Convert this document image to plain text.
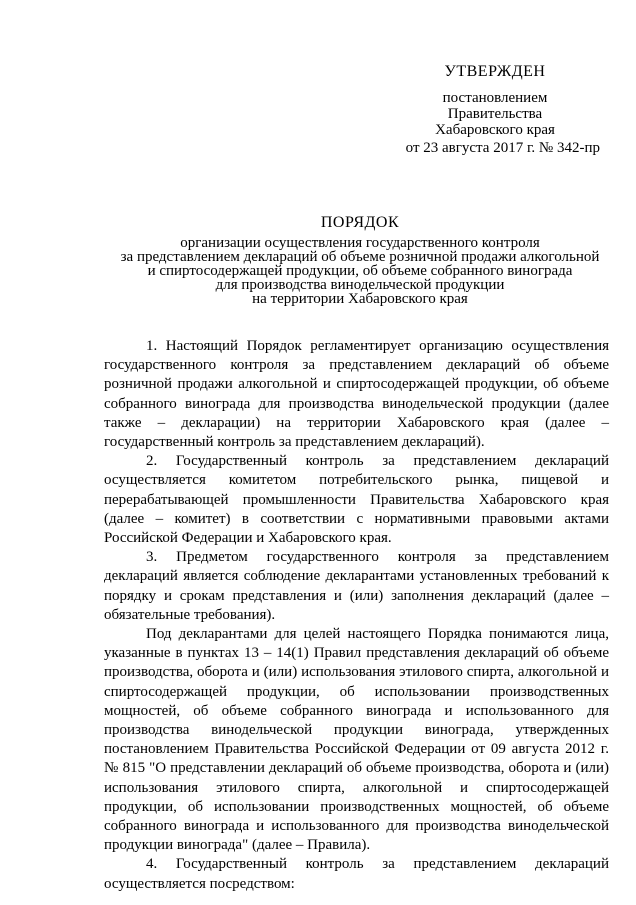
УТВЕРЖДЕН
постановлением
Правительства
Хабаровского края
от 23 августа 2017 г. № 342-пр
ПОРЯДОК
организации осуществления государственного контроля
за представлением деклараций об объеме розничной продажи алкогольной
и спиртосодержащей продукции, об объеме собранного винограда
для производства винодельческой продукции
на территории Хабаровского края

1. Настоящий Порядок регламентирует организацию осуществления государственного контроля за представлением деклараций об объеме розничной продажи алкогольной и спиртосодержащей продукции, об объеме собранного винограда для производства винодельческой продукции (далее также – декларации) на территории Хабаровского края (далее – государственный контроль за представлением деклараций).

2. Государственный контроль за представлением деклараций осуществляется комитетом потребительского рынка, пищевой и перерабатывающей промышленности Правительства Хабаровского края (далее – комитет) в соответствии с нормативными правовыми актами Российской Федерации и Хабаровского края.

3. Предметом государственного контроля за представлением деклараций является соблюдение декларантами установленных требований к порядку и срокам представления и (или) заполнения деклараций (далее – обязательные требования).

Под декларантами для целей настоящего Порядка понимаются лица, указанные в пунктах 13 – 14(1) Правил представления деклараций об объеме производства, оборота и (или) использования этилового спирта, алкогольной и спиртосодержащей продукции, об использовании производственных мощностей, об объеме собранного винограда и использованного для производства винодельческой продукции винограда, утвержденных постановлением Правительства Российской Федерации от 09 августа 2012 г. № 815 "О представлении деклараций об объеме производства, оборота и (или) использования этилового спирта, алкогольной и спиртосодержащей продукции, об использовании производственных мощностей, об объеме собранного винограда и использованного для производства винодельческой продукции винограда" (далее – Правила).

4. Государственный контроль за представлением деклараций осуществляется посредством:
